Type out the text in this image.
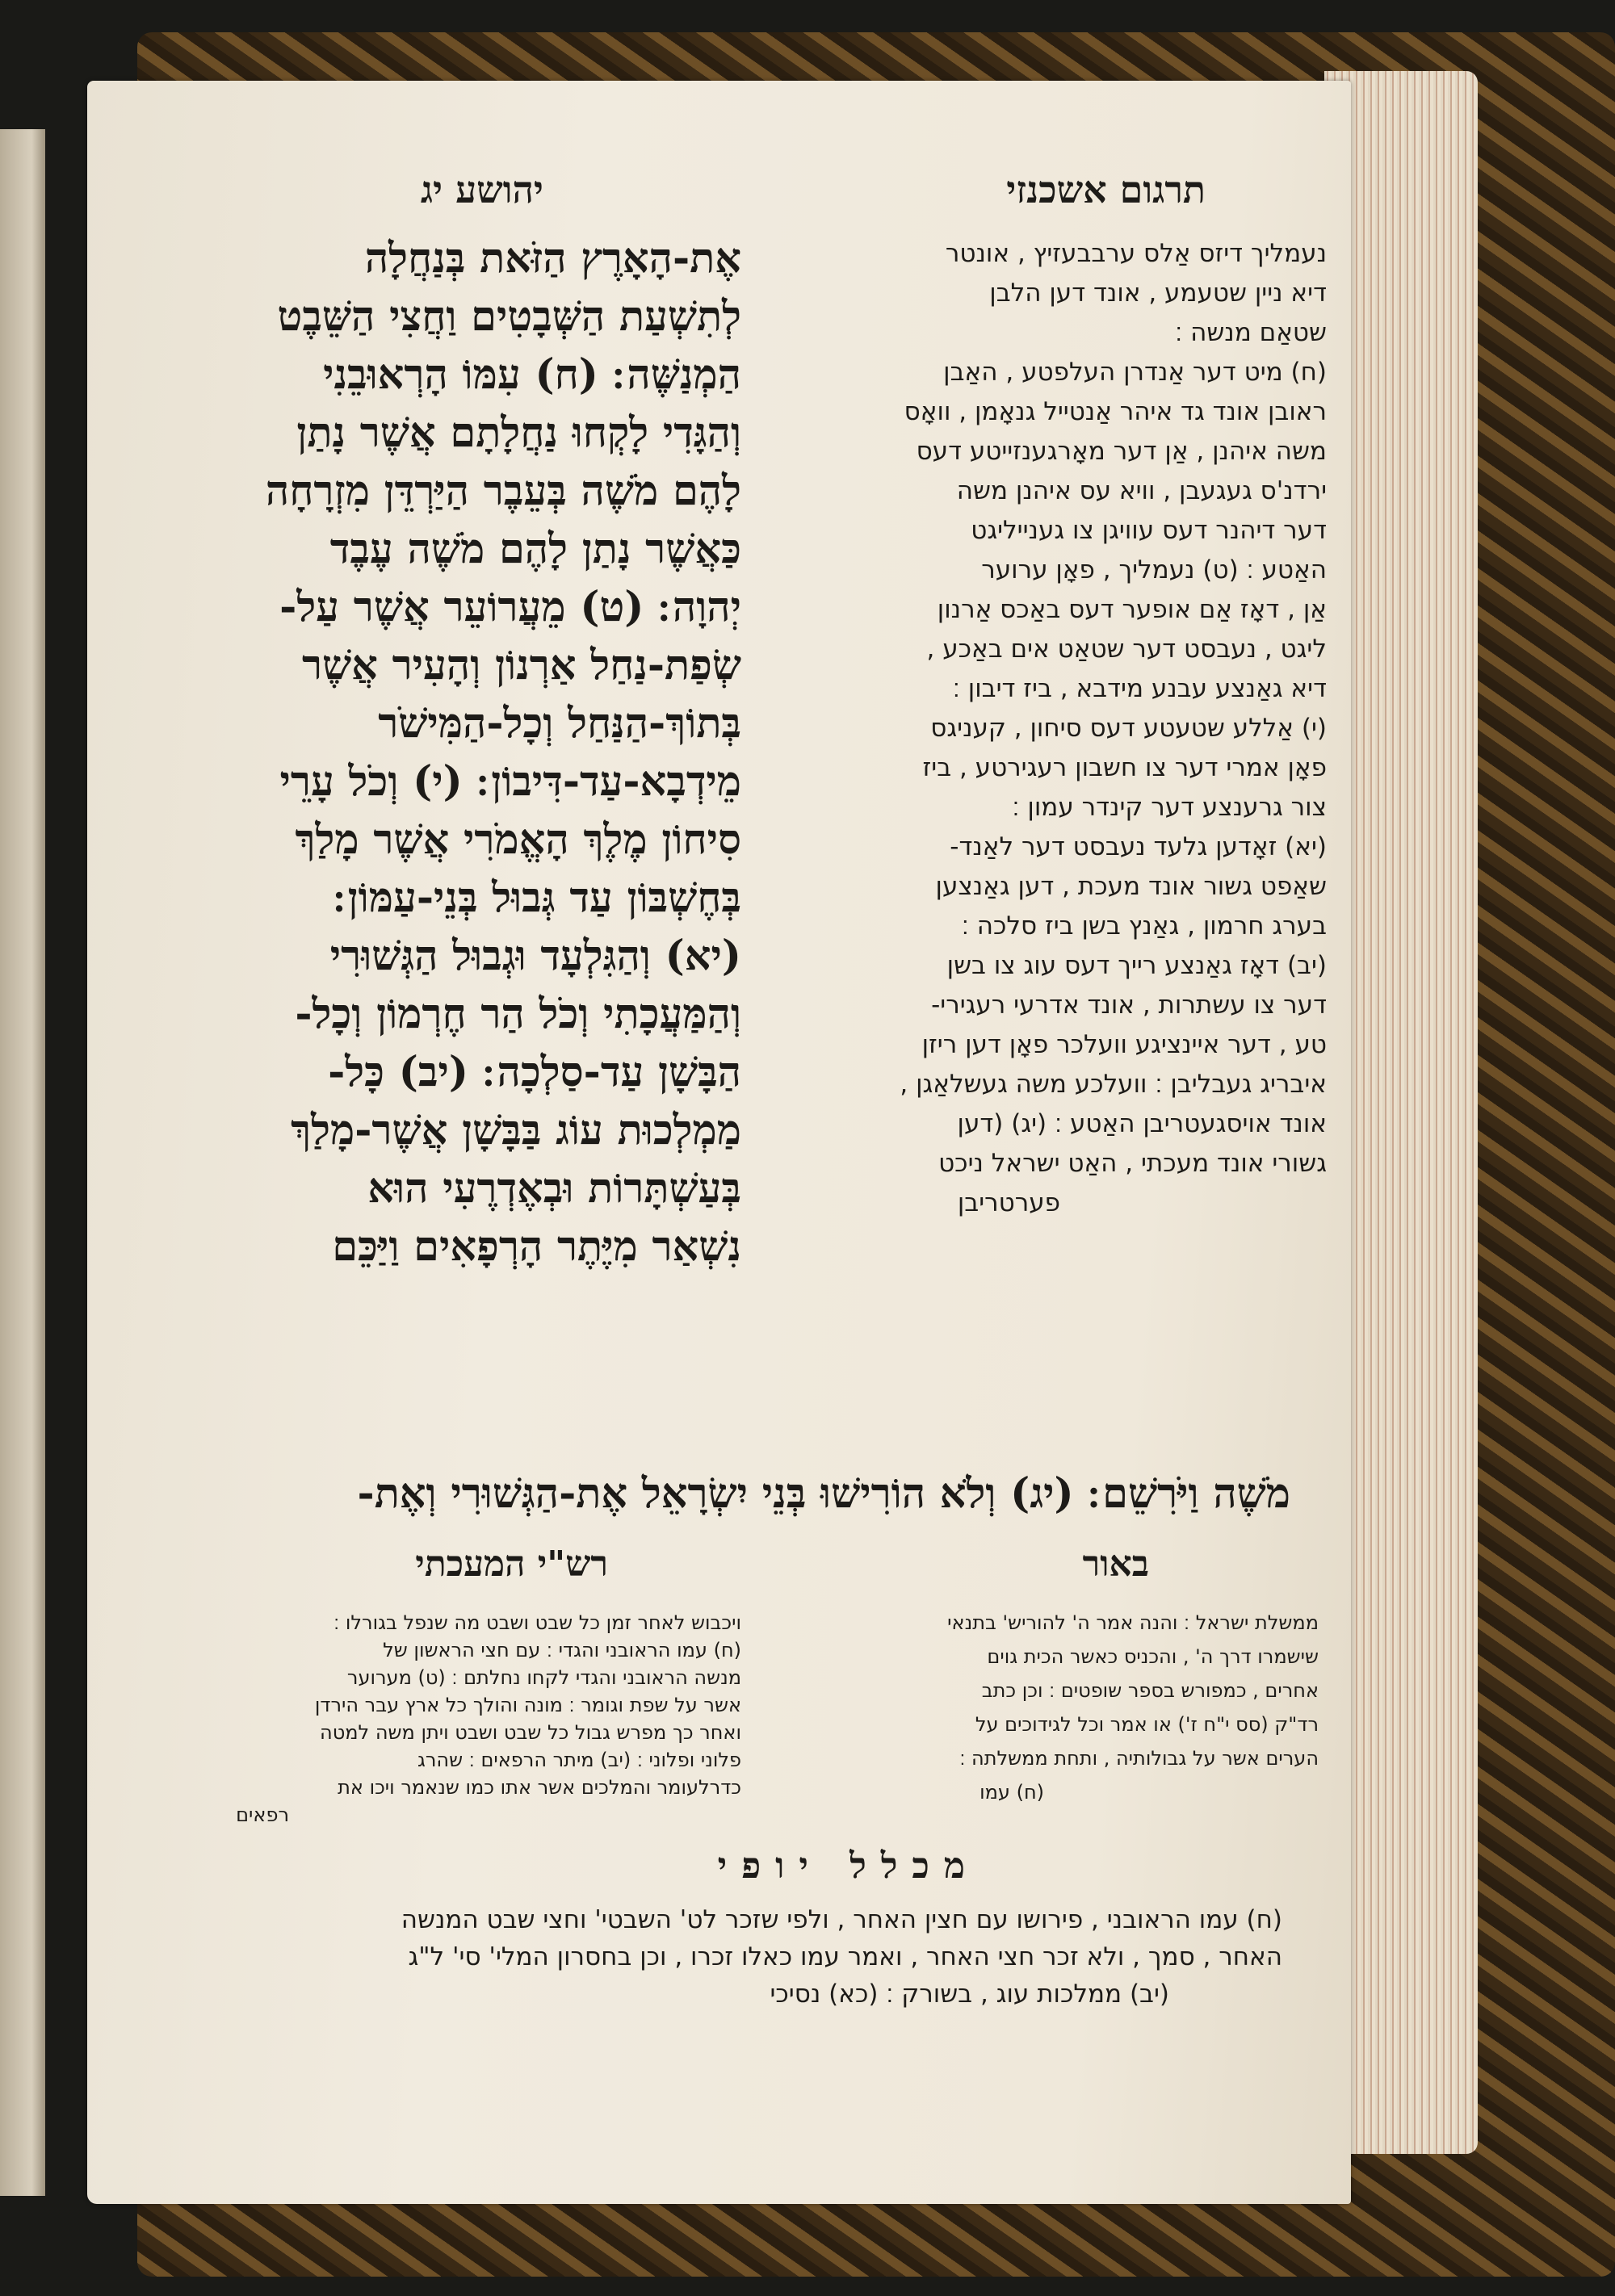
תרגום אשכנזי
יהושע יג
נעמליך דיזס אַלס ערבבעזיץ , אונטר
דיא ניין שטעמע , אונד דען הלבן
שטאַם מנשה ׃
(ח) מיט דער אַנדרן העלפטע , האַבן
ראובן אונד גד איהר אַנטייל גנאָמן , וואָס
משה איהנן , אַן דער מאָרגענזייטע דעס
ירדנ'ס געגעבן , וויא עס איהנן משה
דער דיהנר דעס עוויגן צו גענייליגט
האַטע ׃ (ט) נעמליך , פאָן ערוער
אַן , דאָז אַם אופער דעס באַכס אַרנון
ליגט , נעבסט דער שטאַט אים באַכע ,
דיא גאַנצע עבנע מידבא , ביז דיבון ׃
(י) אַללע שטעטע דעס סיחון , קעניגס
פאָן אמרי דער צו חשבון רעגירטע , ביז
צור גרענצע דער קינדר עמון ׃
(יא) זאָדען גלעד נעבסט דער לאַנד-
שאַפט גשור אונד מעכת , דען גאַנצען
בערג חרמון , גאַנץ בשן ביז סלכה ׃
(יב) דאָז גאַנצע רייך דעס עוג צו בשן
דער צו עשתרות , אונד אדרעי רעגירי-
טע , דער איינציגע וועלכר פאָן דען ריזן
איבריג געבליבן ׃ וועלכע משה געשלאַגן ,
אונד אויסגעטריבן האַטע ׃ (יג) (דען
גשורי אונד מעכתי , האַט ישראל ניכט
פערטריבן
אֶת-הָאָרֶץ הַזֹּאת בְּנַחֲלָה
לְתִשְׁעַת הַשְּׁבָטִים וַחֲצִי הַשֵּׁבֶט
הַמְנַשֶּׁה ׃ (ח) עִמּוֹ הָרְאוּבֵנִי
וְהַגָּדִי לָקְחוּ נַחֲלָתָם אֲשֶׁר נָתַן
לָהֶם מֹשֶׁה בְּעֵבֶר הַיַּרְדֵּן מִזְרָחָה
כַּאֲשֶׁר נָתַן לָהֶם מֹשֶׁה עֶבֶד
יְהוָה ׃ (ט) מֵעֲרוֹעֵר אֲשֶׁר עַל-
שְׂפַת-נַחַל אַרְנוֹן וְהָעִיר אֲשֶׁר
בְּתוֹךְ-הַנַּחַל וְכָל-הַמִּישֹׁר
מֵידְבָא-עַד-דִּיבוֹן ׃ (י) וְכֹל עָרֵי
סִיחוֹן מֶלֶךְ הָאֱמֹרִי אֲשֶׁר מָלַךְ
בְּחֶשְׁבּוֹן עַד גְּבוּל בְּנֵי-עַמּוֹן ׃
(יא) וְהַגִּלְעָד וּגְבוּל הַגְּשׁוּרִי
וְהַמַּעֲכָתִי וְכֹל הַר חֶרְמוֹן וְכָל-
הַבָּשָׁן עַד-סַלְכָה ׃ (יב) כָּל-
מַמְלְכוּת עוֹג בַּבָּשָׁן אֲשֶׁר-מָלַךְ
בְּעַשְׁתָּרוֹת וּבְאֶדְרֶעִי הוּא
נִשְׁאַר מִיֶּתֶר הָרְפָאִים וַיַּכֵּם
מֹשֶׁה וַיֹּרִשֵׁם ׃ (יג) וְלֹא הוֹרִישׁוּ בְּנֵי יִשְׂרָאֵל אֶת-הַגְּשׁוּרִי וְאֶת-
באור
רש"י המעכתי
ממשלת ישראל ׃ והנה אמר ה' להוריש' בתנאי
שישמרו דרך ה' , והכניס כאשר הכית גוים
אחרים , כמפורש בספר שופטים ׃ וכן כתב
רד"ק (סס י"ח ז') או אמר וכל לגידוכים על
הערים אשר על גבולותיה , ותחת ממשלתה ׃
(ח) עמו
ויכבוש לאחר זמן כל שבט ושבט מה שנפל בגורלו ׃
(ח) עמו הראובני והגדי ׃ עם חצי הראשון של
מנשה הראובני והגדי לקחו נחלתם ׃ (ט) מערוער
אשר על שפת וגומר ׃ מונה והולך כל ארץ עבר הירדן
ואחר כך מפרש גבול כל שבט ושבט ויתן משה למטה
פלוני ופלוני ׃ (יב) מיתר הרפאים ׃ שהרג
כדרלעומר והמלכים אשר אתו כמו שנאמר ויכו את
רפאים
מכלל יופי
(ח) עמו הראובני , פירושו עם חצין האחר , ולפי שזכר לט' השבטי' וחצי שבט המנשה
האחר , סמך , ולא זכר חצי האחר , ואמר עמו כאלו זכרו , וכן בחסרון המלי' סי' ל"ג
(יב) ממלכות עוג , בשורק ׃ (כא) נסיכי
